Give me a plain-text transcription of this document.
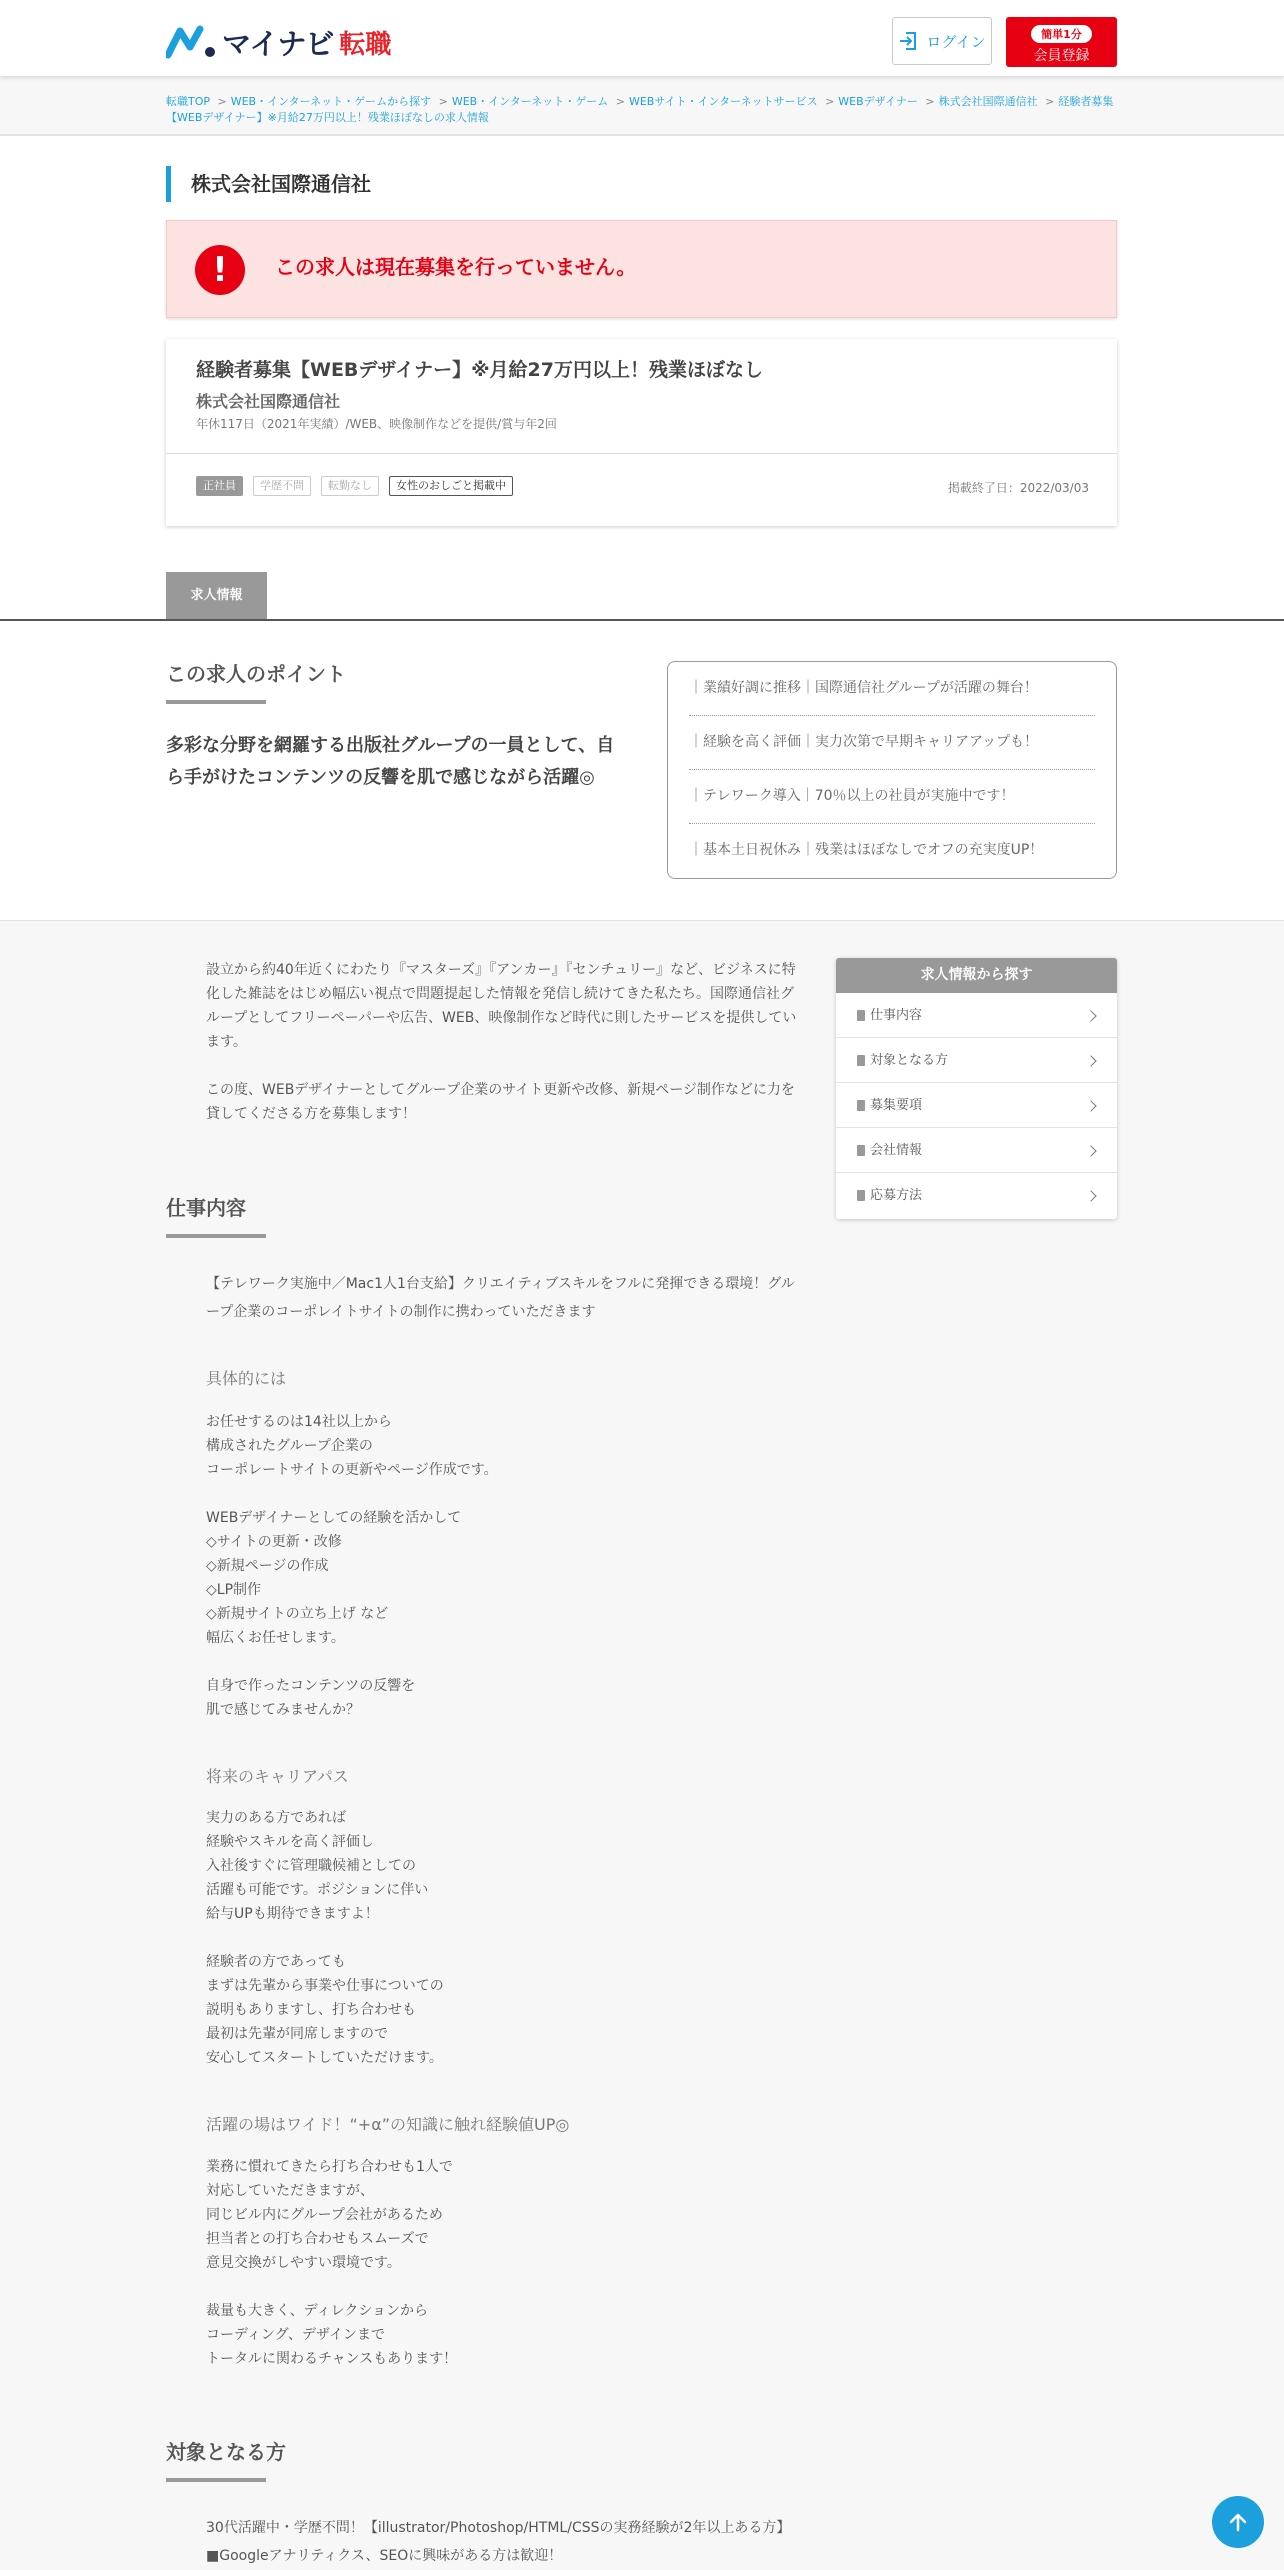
マイナビ 転職	ログイン	簡単1分
会員登録
転職TOP > WEB・インターネット・ゲームから探す > WEB・インターネット・ゲーム > WEBサイト・インターネットサービス > WEBデザイナー > 株式会社国際通信社 > 経験者募集
【WEBデザイナー】※月給27万円以上！残業ほぼなしの求人情報
株式会社国際通信社
!	この求人は現在募集を行っていません。
経験者募集【WEBデザイナー】※月給27万円以上！残業ほぼなし
株式会社国際通信社
年休117日（2021年実績）/WEB、映像制作などを提供/賞与年2回
正社員	学歴不問	転勤なし	女性のおしごと掲載中	掲載終了日：2022/03/03
求人情報
この求人のポイント
多彩な分野を網羅する出版社グループの一員として、自ら手がけたコンテンツの反響を肌で感じながら活躍◎
｜業績好調に推移｜国際通信社グループが活躍の舞台！
｜経験を高く評価｜実力次第で早期キャリアアップも！
｜テレワーク導入｜70％以上の社員が実施中です！
｜基本土日祝休み｜残業はほぼなしでオフの充実度UP！
設立から約40年近くにわたり『マスターズ』『アンカー』『センチュリー』など、ビジネスに特化した雑誌をはじめ幅広い視点で問題提起した情報を発信し続けてきた私たち。国際通信社グループとしてフリーペーパーや広告、WEB、映像制作など時代に則したサービスを提供しています。
この度、WEBデザイナーとしてグループ企業のサイト更新や改修、新規ページ制作などに力を貸してくださる方を募集します！
求人情報から探す
仕事内容
対象となる方
募集要項
会社情報
応募方法
仕事内容
【テレワーク実施中／Mac1人1台支給】クリエイティブスキルをフルに発揮できる環境！グループ企業のコーポレイトサイトの制作に携わっていただきます
具体的には
お任せするのは14社以上から
構成されたグループ企業の
コーポレートサイトの更新やページ作成です。
WEBデザイナーとしての経験を活かして
◇サイトの更新・改修
◇新規ページの作成
◇LP制作
◇新規サイトの立ち上げ など
幅広くお任せします。
自身で作ったコンテンツの反響を
肌で感じてみませんか？
将来のキャリアパス
実力のある方であれば
経験やスキルを高く評価し
入社後すぐに管理職候補としての
活躍も可能です。ポジションに伴い
給与UPも期待できますよ！
経験者の方であっても
まずは先輩から事業や仕事についての
説明もありますし、打ち合わせも
最初は先輩が同席しますので
安心してスタートしていただけます。
活躍の場はワイド！“+α”の知識に触れ経験値UP◎
業務に慣れてきたら打ち合わせも1人で
対応していただきますが、
同じビル内にグループ会社があるため
担当者との打ち合わせもスムーズで
意見交換がしやすい環境です。
裁量も大きく、ディレクションから
コーディング、デザインまで
トータルに関わるチャンスもあります！
対象となる方
30代活躍中・学歴不問！【illustrator/Photoshop/HTML/CSSの実務経験が2年以上ある方】■Googleアナリティクス、SEOに興味がある方は歓迎！
